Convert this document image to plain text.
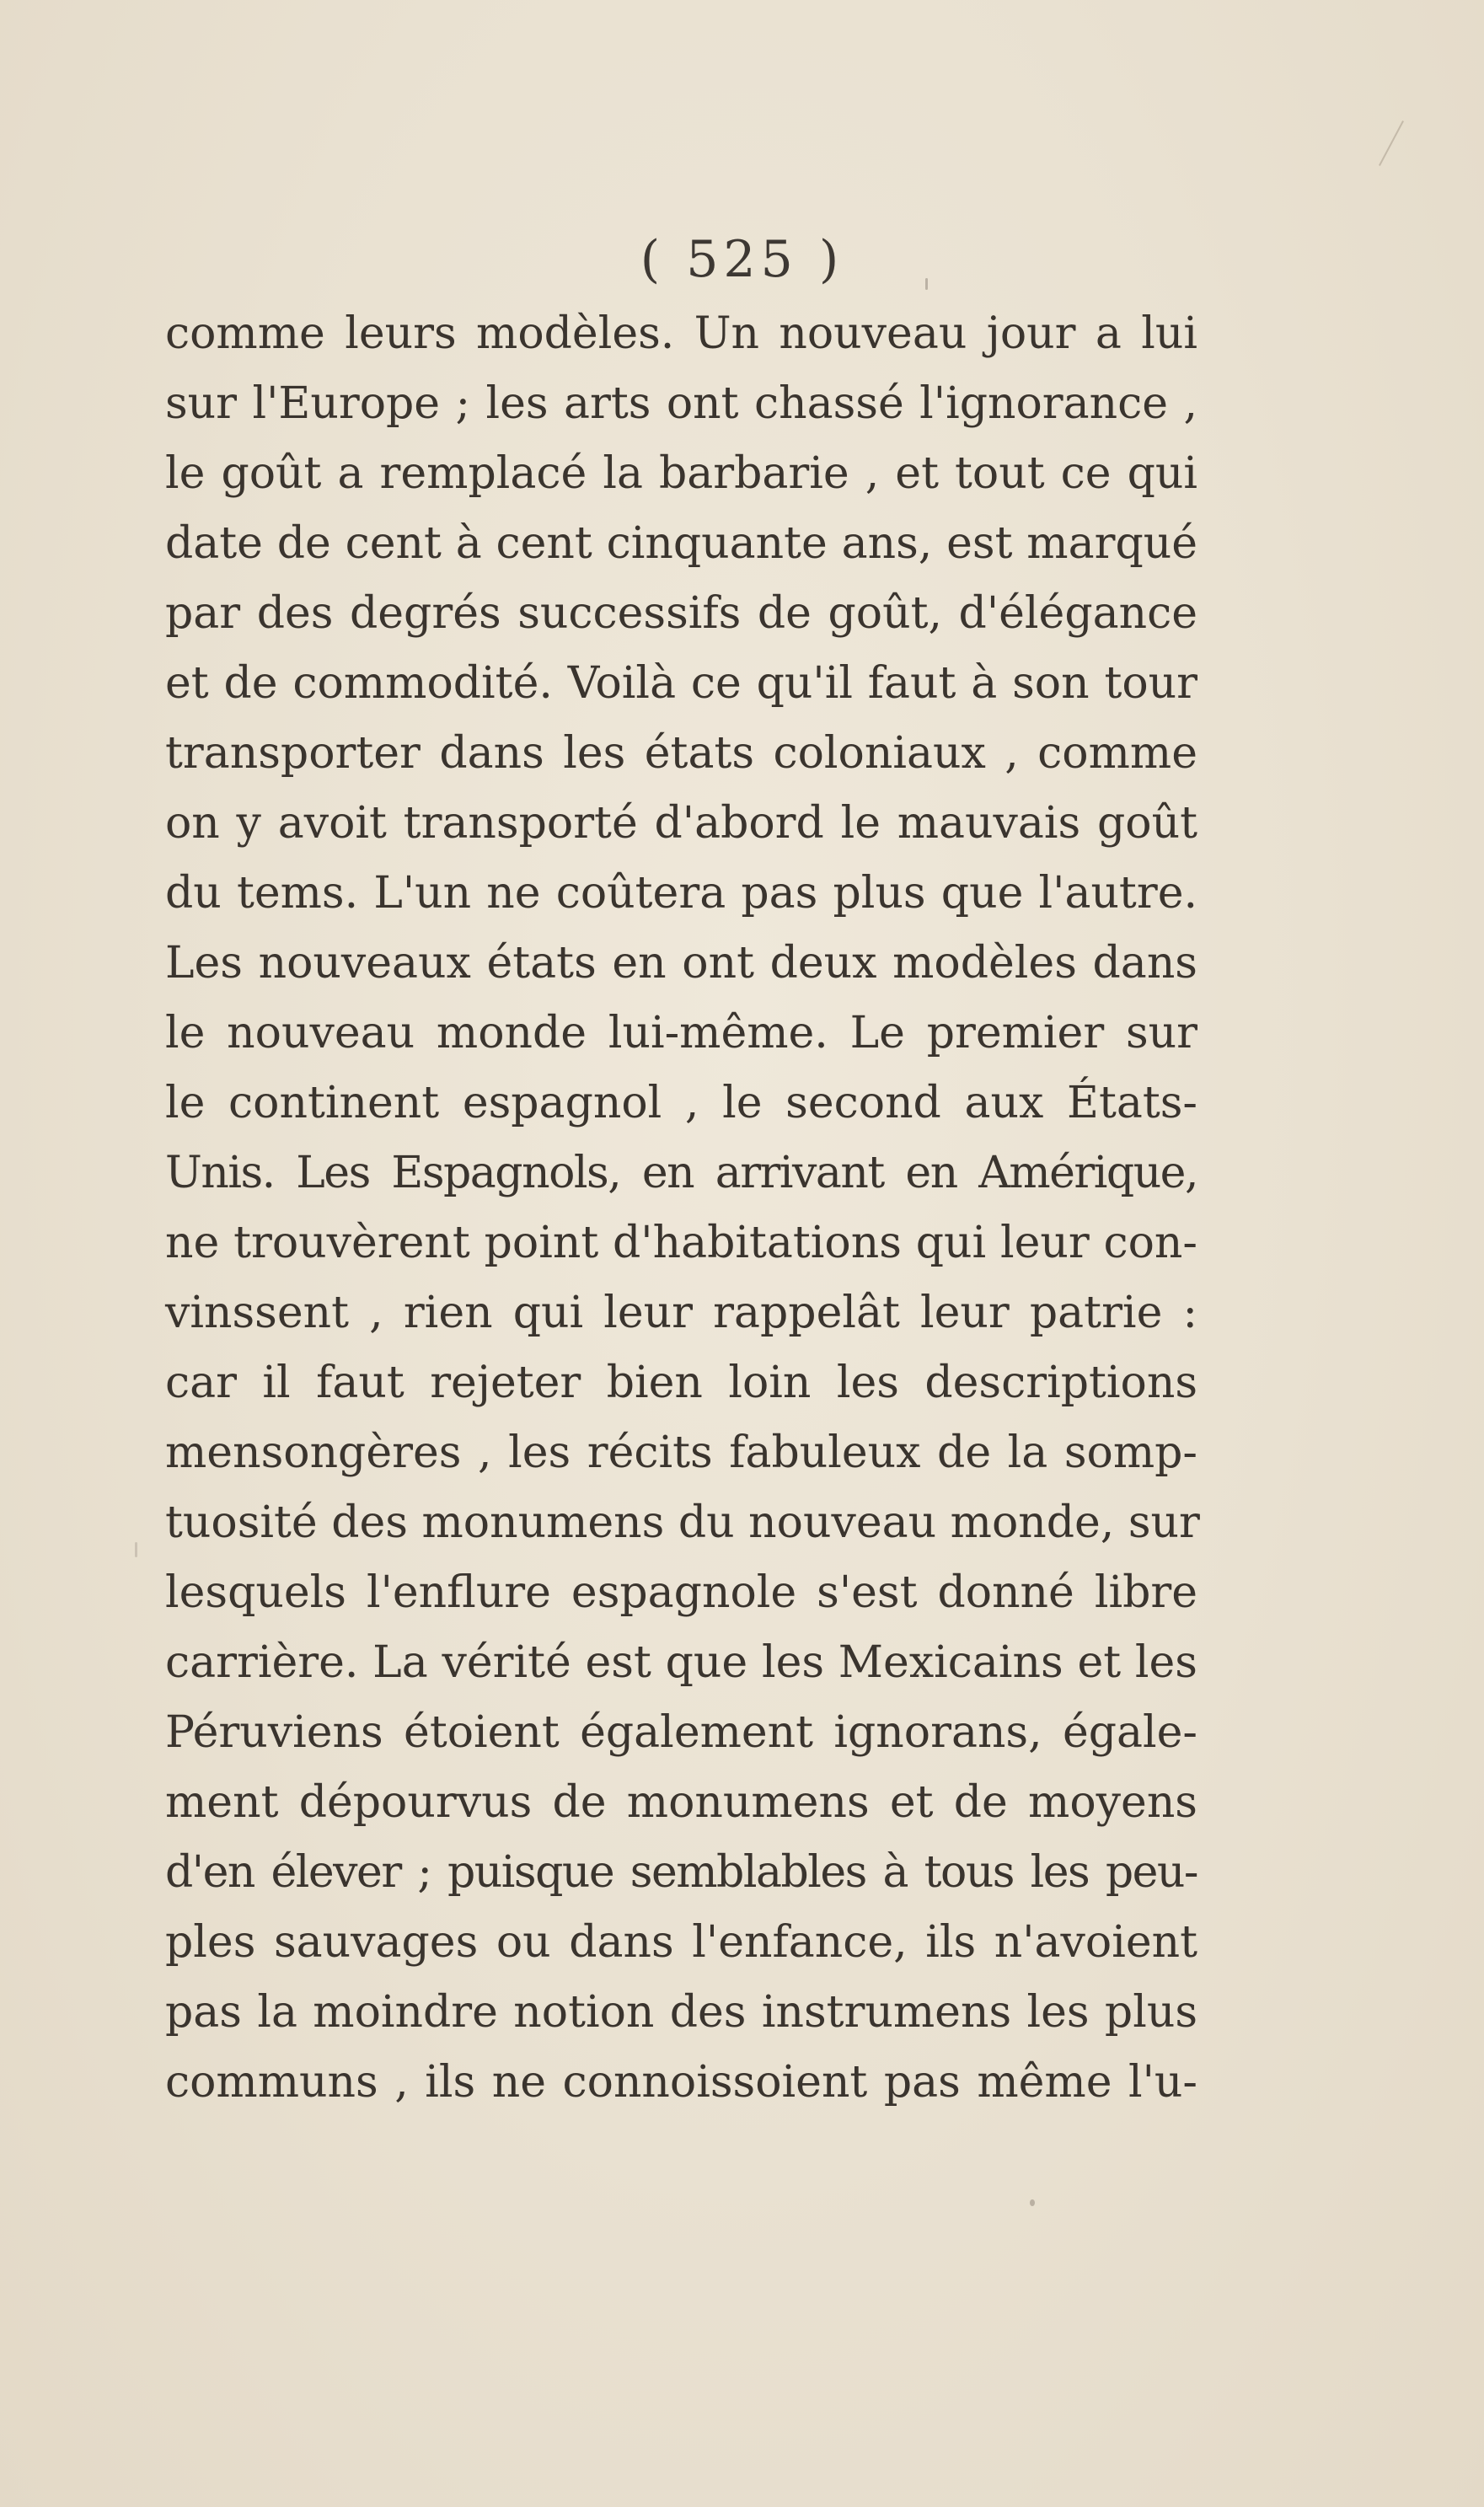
( 525 )
comme leurs modèles. Un nouveau jour a lui
sur l'Europe ; les arts ont chassé l'ignorance ,
le goût a remplacé la barbarie , et tout ce qui
date de cent à cent cinquante ans, est marqué
par des degrés successifs de goût, d'élégance
et de commodité. Voilà ce qu'il faut à son tour
transporter dans les états coloniaux , comme
on y avoit transporté d'abord le mauvais goût
du tems. L'un ne coûtera pas plus que l'autre.
Les nouveaux états en ont deux modèles dans
le nouveau monde lui-même. Le premier sur
le continent espagnol , le second aux États-
Unis. Les Espagnols, en arrivant en Amérique,
ne trouvèrent point d'habitations qui leur con-
vinssent , rien qui leur rappelât leur patrie :
car il faut rejeter bien loin les descriptions
mensongères , les récits fabuleux de la somp-
tuosité des monumens du nouveau monde, sur
lesquels l'enflure espagnole s'est donné libre
carrière. La vérité est que les Mexicains et les
Péruviens étoient également ignorans, égale-
ment dépourvus de monumens et de moyens
d'en élever ; puisque semblables à tous les peu-
ples sauvages ou dans l'enfance, ils n'avoient
pas la moindre notion des instrumens les plus
communs , ils ne connoissoient pas même l'u-
